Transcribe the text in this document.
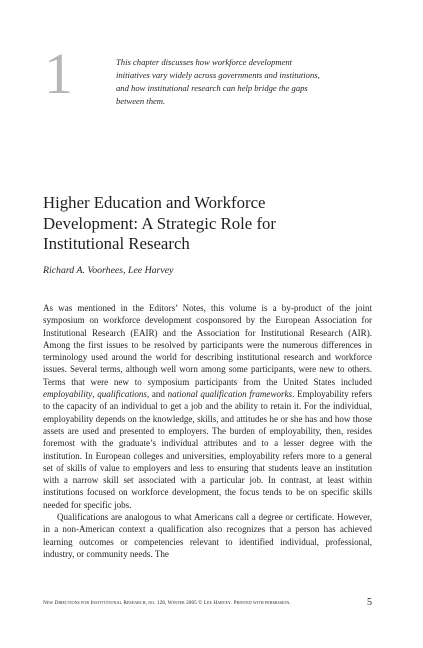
1	This chapter discusses how workforce development initiatives vary widely across governments and institutions, and how institutional research can help bridge the gaps between them.
Higher Education and Workforce
Development: A Strategic Role for
Institutional Research
Richard A. Voorhees, Lee Harvey

As was mentioned in the Editors’ Notes, this volume is a by-product of the joint symposium on workforce development cosponsored by the European Association for Institutional Research (EAIR) and the Association for Institutional Research (AIR). Among the first issues to be resolved by participants were the numerous differences in terminology used around the world for describing institutional research and workforce issues. Several terms, although well worn among some participants, were new to others. Terms that were new to symposium participants from the United States included employability, qualifications, and national qualification frameworks. Employability refers to the capacity of an individual to get a job and the ability to retain it. For the individual, employability depends on the knowledge, skills, and attitudes he or she has and how those assets are used and presented to employers. The burden of employability, then, resides foremost with the graduate’s individual attributes and to a lesser degree with the institution. In European colleges and universities, employability refers more to a general set of skills of value to employers and less to ensuring that students leave an institution with a narrow skill set associated with a particular job. In contrast, at least within institutions focused on workforce development, the focus tends to be on specific skills needed for specific jobs.

Qualifications are analogous to what Americans call a degree or certificate. However, in a non-American context a qualification also recognizes that a person has achieved learning outcomes or competencies relevant to identified individual, professional, industry, or community needs. The

New Directions for Institutional Research, no. 128, Winter 2005 © Lee Harvey. Printed with permission.	5
